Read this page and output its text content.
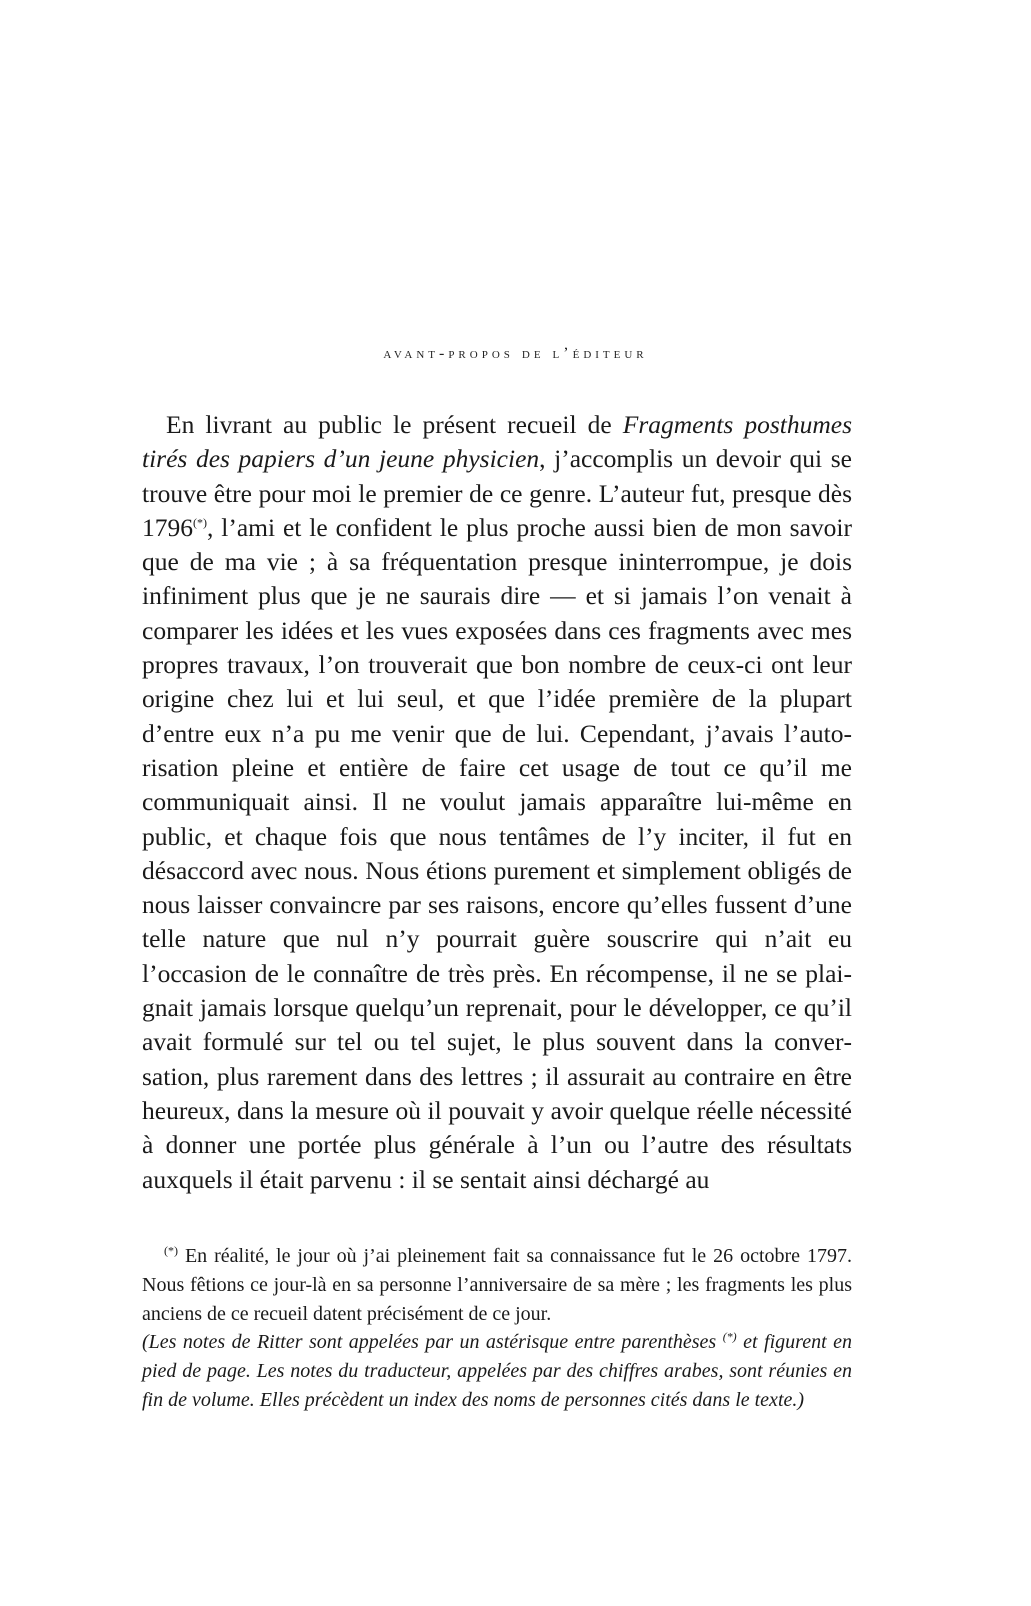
avant-propos de l’éditeur

En livrant au public le présent recueil de Fragments posthumes tirés des papiers d’un jeune physicien, j’accomplis un devoir qui se trouve être pour moi le premier de ce genre. L’auteur fut, presque dès 1796(*), l’ami et le confident le plus proche aussi bien de mon savoir que de ma vie ; à sa fréquentation presque ininterrompue, je dois infiniment plus que je ne saurais dire — et si jamais l’on venait à comparer les idées et les vues exposées dans ces fragments avec mes propres travaux, l’on trouverait que bon nombre de ceux-ci ont leur origine chez lui et lui seul, et que l’idée première de la plupart d’entre eux n’a pu me venir que de lui. Cependant, j’avais l’autorisation pleine et entière de faire cet usage de tout ce qu’il me communiquait ainsi. Il ne voulut jamais apparaître lui-même en public, et chaque fois que nous tentâmes de l’y inciter, il fut en désaccord avec nous. Nous étions purement et simplement obligés de nous laisser convaincre par ses raisons, encore qu’elles fussent d’une telle nature que nul n’y pourrait guère souscrire qui n’ait eu l’occasion de le connaître de très près. En récompense, il ne se plaignait jamais lorsque quelqu’un reprenait, pour le développer, ce qu’il avait formulé sur tel ou tel sujet, le plus souvent dans la conversation, plus rarement dans des lettres ; il assurait au contraire en être heureux, dans la mesure où il pouvait y avoir quelque réelle nécessité à donner une portée plus générale à l’un ou l’autre des résultats auxquels il était parvenu : il se sentait ainsi déchargé au

(*) En réalité, le jour où j’ai pleinement fait sa connaissance fut le 26 octobre 1797. Nous fêtions ce jour-là en sa personne l’anniversaire de sa mère ; les fragments les plus anciens de ce recueil datent précisément de ce jour.

(Les notes de Ritter sont appelées par un astérisque entre parenthèses (*) et figurent en pied de page. Les notes du traducteur, appelées par des chiffres arabes, sont réunies en fin de volume. Elles précèdent un index des noms de personnes cités dans le texte.)
